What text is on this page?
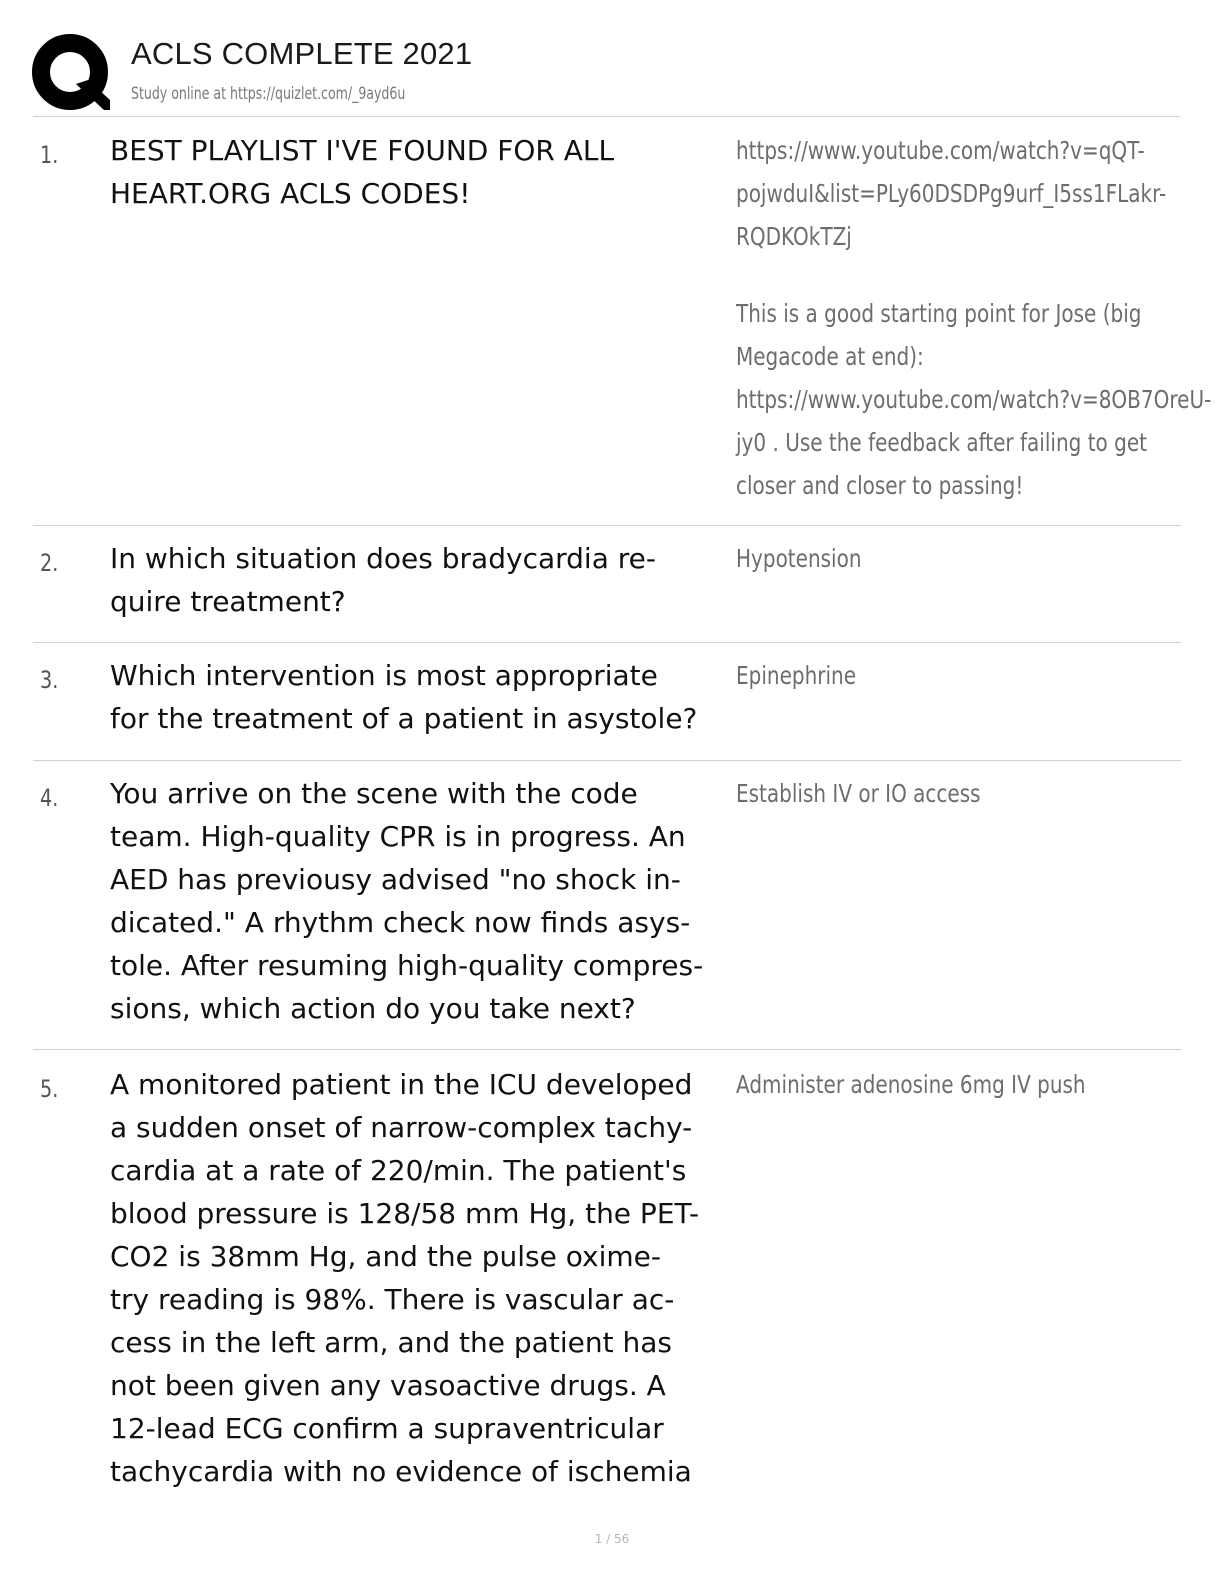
ACLS COMPLETE 2021
Study online at https://quizlet.com/_9ayd6u
1. BEST PLAYLIST I'VE FOUND FOR ALL
HEART.ORG ACLS CODES!

https://www.youtube.com/watch?v=qQT-
pojwduI&list=PLy60DSDPg9urf_I5ss1FLakr-
RQDKOkTZj

This is a good starting point for Jose (big
Megacode at end):
https://www.youtube.com/watch?v=8OB7OreU-
jy0 . Use the feedback after failing to get
closer and closer to passing!

2. In which situation does bradycardia re-
quire treatment?

Hypotension

3. Which intervention is most appropriate
for the treatment of a patient in asystole?

Epinephrine

4. You arrive on the scene with the code
team. High-quality CPR is in progress. An
AED has previousy advised "no shock in-
dicated." A rhythm check now finds asys-
tole. After resuming high-quality compres-
sions, which action do you take next?

Establish IV or IO access

5. A monitored patient in the ICU developed
a sudden onset of narrow-complex tachy-
cardia at a rate of 220/min. The patient's
blood pressure is 128/58 mm Hg, the PET-
CO2 is 38mm Hg, and the pulse oxime-
try reading is 98%. There is vascular ac-
cess in the left arm, and the patient has
not been given any vasoactive drugs. A
12-lead ECG confirm a supraventricular
tachycardia with no evidence of ischemia

Administer adenosine 6mg IV push

1 / 56
